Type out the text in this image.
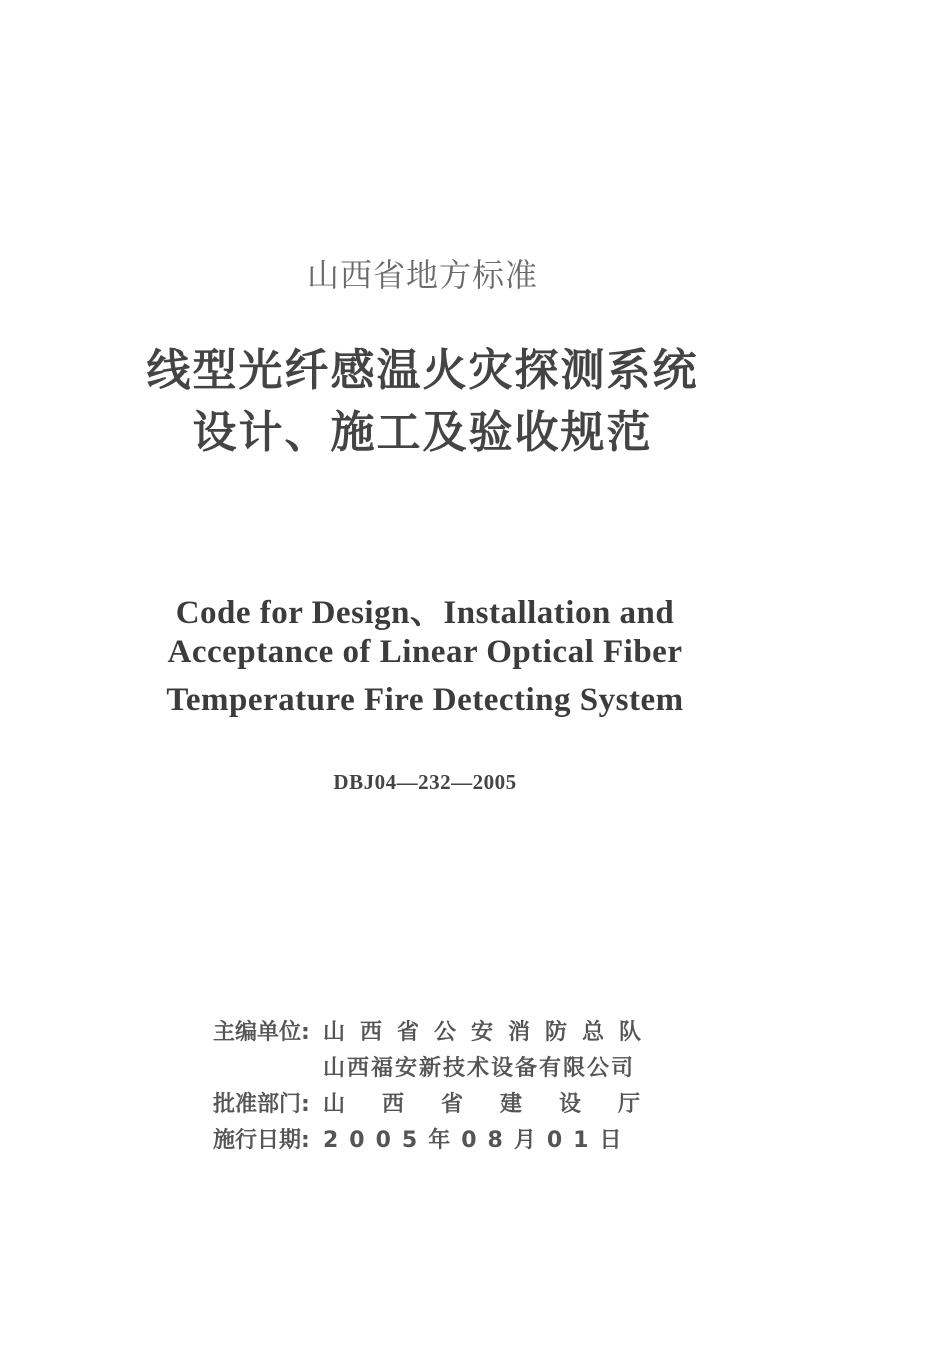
山西省地方标准
线型光纤感温火灾探测系统
设计、施工及验收规范
Code for Design、Installation and
Acceptance of Linear Optical Fiber
Temperature Fire Detecting System
DBJ04—232—2005
主编单位: 山西省公安消防总队
山西福安新技术设备有限公司
批准部门: 山西省建设厅
施行日期: 2005年08月01日
